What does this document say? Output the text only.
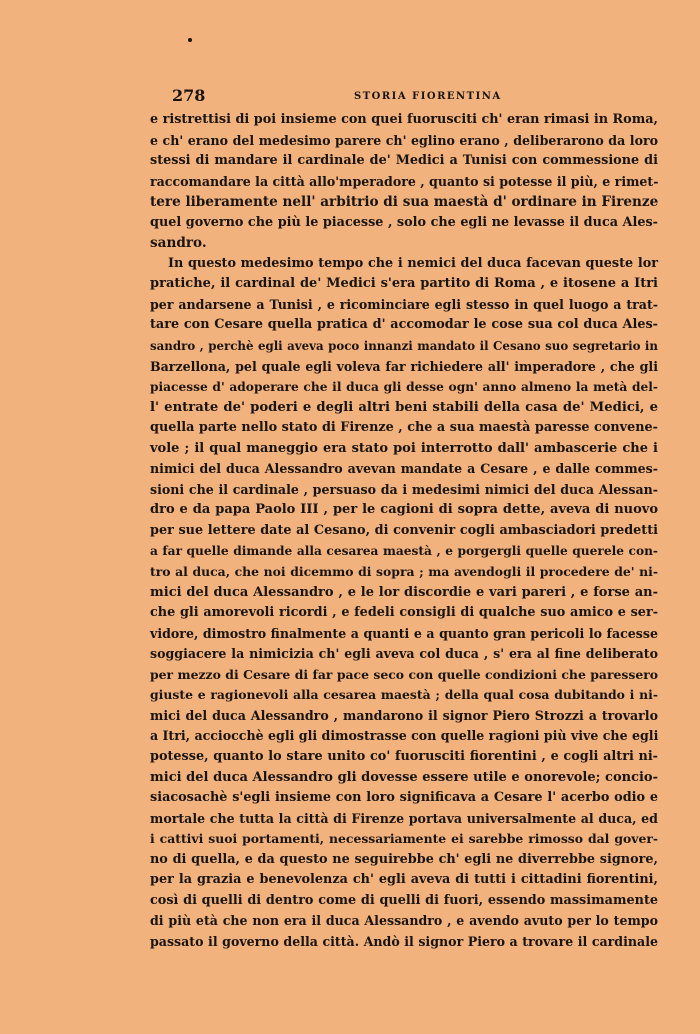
278	STORIA FIORENTINA
e ristrettisi di poi insieme con quei fuorusciti ch' eran rimasi in Roma,
e ch' erano del medesimo parere ch' eglino erano , deliberarono da loro
stessi di mandare il cardinale de' Medici a Tunisi con commessione di
raccomandare la città allo'mperadore , quanto si potesse il più, e rimet-
tere liberamente nell' arbitrio di sua maestà d' ordinare in Firenze
quel governo che più le piacesse , solo che egli ne levasse il duca Ales-
sandro.
In questo medesimo tempo che i nemici del duca facevan queste lor
pratiche, il cardinal de' Medici s'era partito di Roma , e itosene a Itri
per andarsene a Tunisi , e ricominciare egli stesso in quel luogo a trat-
tare con Cesare quella pratica d' accomodar le cose sua col duca Ales-
sandro , perchè egli aveva poco innanzi mandato il Cesano suo segretario in
Barzellona, pel quale egli voleva far richiedere all' imperadore , che gli
piacesse d' adoperare che il duca gli desse ogn' anno almeno la metà del-
l' entrate de' poderi e degli altri beni stabili della casa de' Medici, e
quella parte nello stato di Firenze , che a sua maestà paresse convene-
vole ; il qual maneggio era stato poi interrotto dall' ambascerie che i
nimici del duca Alessandro avevan mandate a Cesare , e dalle commes-
sioni che il cardinale , persuaso da i medesimi nimici del duca Alessan-
dro e da papa Paolo III , per le cagioni di sopra dette, aveva di nuovo
per sue lettere date al Cesano, di convenir cogli ambasciadori predetti
a far quelle dimande alla cesarea maestà , e porgergli quelle querele con-
tro al duca, che noi dicemmo di sopra ; ma avendogli il procedere de' ni-
mici del duca Alessandro , e le lor discordie e vari pareri , e forse an-
che gli amorevoli ricordi , e fedeli consigli di qualche suo amico e ser-
vidore, dimostro finalmente a quanti e a quanto gran pericoli lo facesse
soggiacere la nimicizia ch' egli aveva col duca , s' era al fine deliberato
per mezzo di Cesare di far pace seco con quelle condizioni che paressero
giuste e ragionevoli alla cesarea maestà ; della qual cosa dubitando i ni-
mici del duca Alessandro , mandarono il signor Piero Strozzi a trovarlo
a Itri, acciocchè egli gli dimostrasse con quelle ragioni più vive che egli
potesse, quanto lo stare unito co' fuorusciti fiorentini , e cogli altri ni-
mici del duca Alessandro gli dovesse essere utile e onorevole; concio-
siacosachè s'egli insieme con loro significava a Cesare l' acerbo odio e
mortale che tutta la città di Firenze portava universalmente al duca, ed
i cattivi suoi portamenti, necessariamente ei sarebbe rimosso dal gover-
no di quella, e da questo ne seguirebbe ch' egli ne diverrebbe signore,
per la grazia e benevolenza ch' egli aveva di tutti i cittadini fiorentini,
così di quelli di dentro come di quelli di fuori, essendo massimamente
di più età che non era il duca Alessandro , e avendo avuto per lo tempo
passato il governo della città. Andò il signor Piero a trovare il cardinale
